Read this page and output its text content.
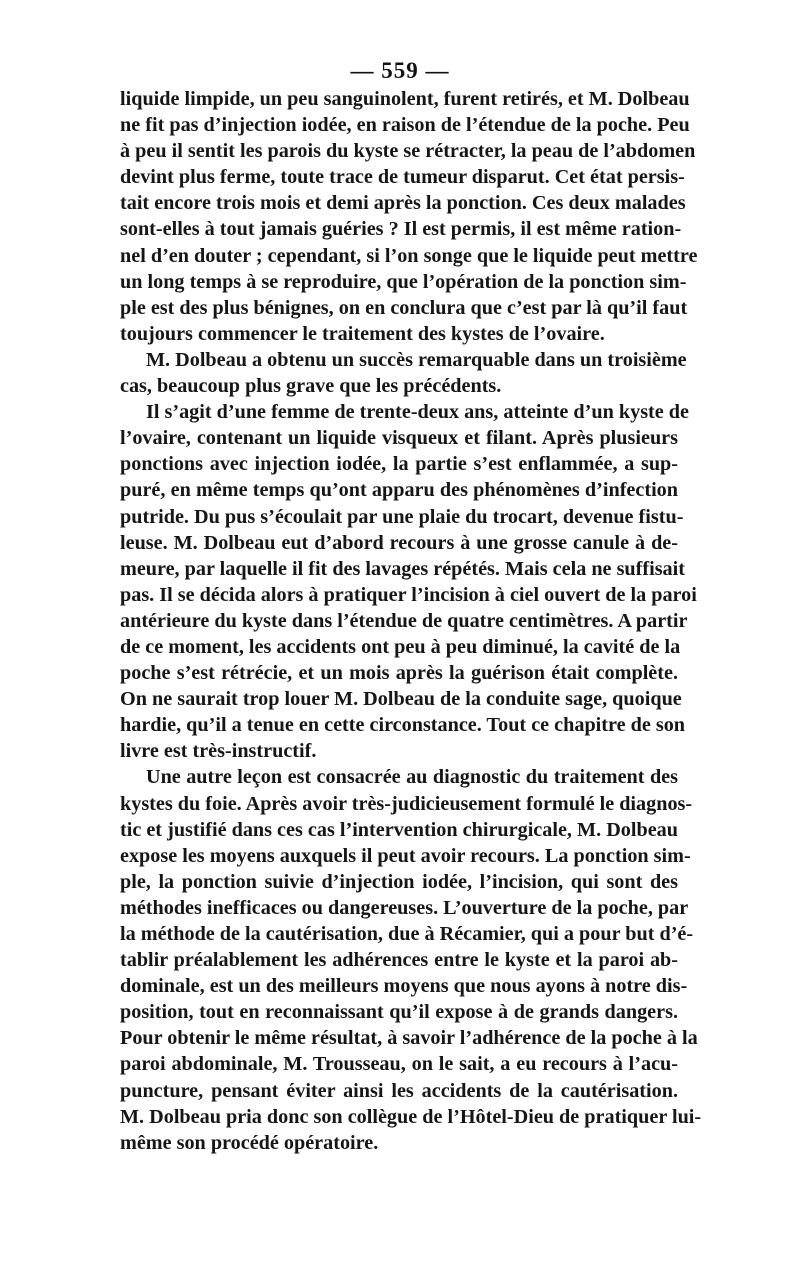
— 559 —
liquide limpide, un peu sanguinolent, furent retirés, et M. Dolbeau
ne fit pas d’injection iodée, en raison de l’étendue de la poche. Peu
à peu il sentit les parois du kyste se rétracter, la peau de l’abdomen
devint plus ferme, toute trace de tumeur disparut. Cet état persis-
tait encore trois mois et demi après la ponction. Ces deux malades
sont-elles à tout jamais guéries ? Il est permis, il est même ration-
nel d’en douter ; cependant, si l’on songe que le liquide peut mettre
un long temps à se reproduire, que l’opération de la ponction sim-
ple est des plus bénignes, on en conclura que c’est par là qu’il faut
toujours commencer le traitement des kystes de l’ovaire.
M. Dolbeau a obtenu un succès remarquable dans un troisième
cas, beaucoup plus grave que les précédents.
Il s’agit d’une femme de trente-deux ans, atteinte d’un kyste de
l’ovaire, contenant un liquide visqueux et filant. Après plusieurs
ponctions avec injection iodée, la partie s’est enflammée, a sup-
puré, en même temps qu’ont apparu des phénomènes d’infection
putride. Du pus s’écoulait par une plaie du trocart, devenue fistu-
leuse. M. Dolbeau eut d’abord recours à une grosse canule à de-
meure, par laquelle il fit des lavages répétés. Mais cela ne suffisait
pas. Il se décida alors à pratiquer l’incision à ciel ouvert de la paroi
antérieure du kyste dans l’étendue de quatre centimètres. A partir
de ce moment, les accidents ont peu à peu diminué, la cavité de la
poche s’est rétrécie, et un mois après la guérison était complète.
On ne saurait trop louer M. Dolbeau de la conduite sage, quoique
hardie, qu’il a tenue en cette circonstance. Tout ce chapitre de son
livre est très-instructif.
Une autre leçon est consacrée au diagnostic du traitement des
kystes du foie. Après avoir très-judicieusement formulé le diagnos-
tic et justifié dans ces cas l’intervention chirurgicale, M. Dolbeau
expose les moyens auxquels il peut avoir recours. La ponction sim-
ple, la ponction suivie d’injection iodée, l’incision, qui sont des
méthodes inefficaces ou dangereuses. L’ouverture de la poche, par
la méthode de la cautérisation, due à Récamier, qui a pour but d’é-
tablir préalablement les adhérences entre le kyste et la paroi ab-
dominale, est un des meilleurs moyens que nous ayons à notre dis-
position, tout en reconnaissant qu’il expose à de grands dangers.
Pour obtenir le même résultat, à savoir l’adhérence de la poche à la
paroi abdominale, M. Trousseau, on le sait, a eu recours à l’acu-
puncture, pensant éviter ainsi les accidents de la cautérisation.
M. Dolbeau pria donc son collègue de l’Hôtel-Dieu de pratiquer lui-
même son procédé opératoire.
